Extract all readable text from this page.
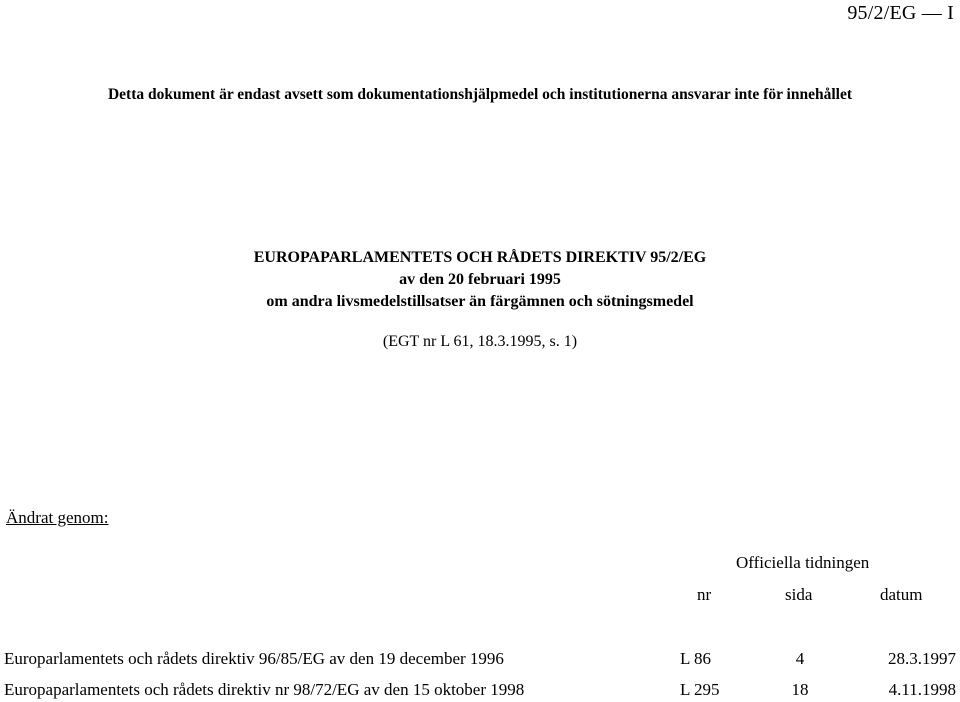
95/2/EG — I
Detta dokument är endast avsett som dokumentationshjälpmedel och institutionerna ansvarar inte för innehållet
EUROPAPARLAMENTETS OCH RÅDETS DIREKTIV 95/2/EG
av den 20 februari 1995
om andra livsmedelstillsatser än färgämnen och sötningsmedel
(EGT nr L 61, 18.3.1995, s. 1)
Ändrat genom:
Officiella tidningen
nr	sida	datum
Europarlamentets och rådets direktiv 96/85/EG av den 19 december 1996	L 86	4	28.3.1997
Europaparlamentets och rådets direktiv nr 98/72/EG av den 15 oktober 1998	L 295	18	4.11.1998
